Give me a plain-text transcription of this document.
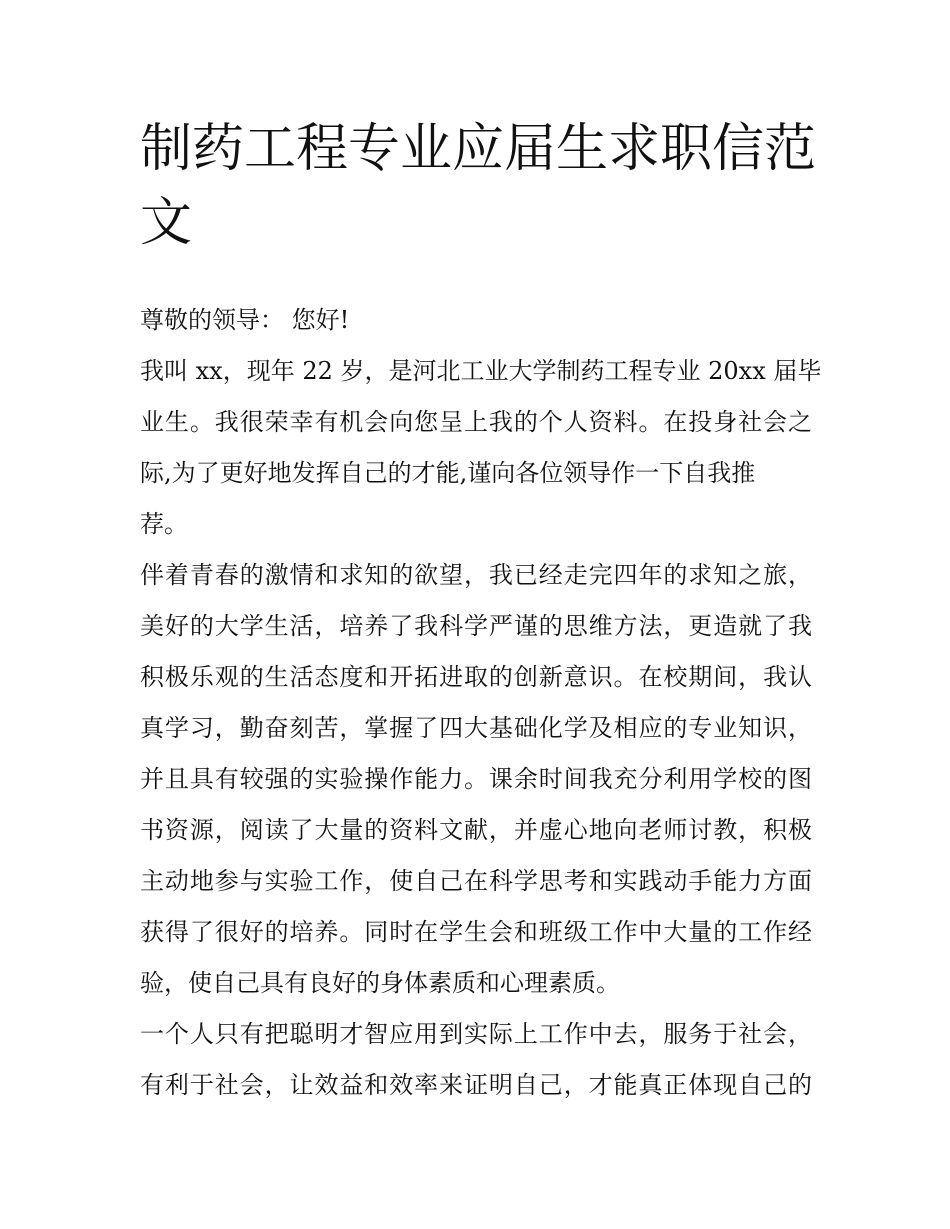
制药工程专业应届生求职信范
文

尊敬的领导： 您好!

我叫 xx，现年 22 岁，是河北工业大学制药工程专业 20xx 届毕
业生。我很荣幸有机会向您呈上我的个人资料。在投身社会之
际,为了更好地发挥自己的才能,谨向各位领导作一下自我推
荐。

伴着青春的激情和求知的欲望，我已经走完四年的求知之旅，
美好的大学生活，培养了我科学严谨的思维方法，更造就了我
积极乐观的生活态度和开拓进取的创新意识。在校期间，我认
真学习，勤奋刻苦，掌握了四大基础化学及相应的专业知识，
并且具有较强的实验操作能力。课余时间我充分利用学校的图
书资源，阅读了大量的资料文献，并虚心地向老师讨教，积极
主动地参与实验工作，使自己在科学思考和实践动手能力方面
获得了很好的培养。同时在学生会和班级工作中大量的工作经
验，使自己具有良好的身体素质和心理素质。

一个人只有把聪明才智应用到实际上工作中去，服务于社会，
有利于社会，让效益和效率来证明自己，才能真正体现自己的
